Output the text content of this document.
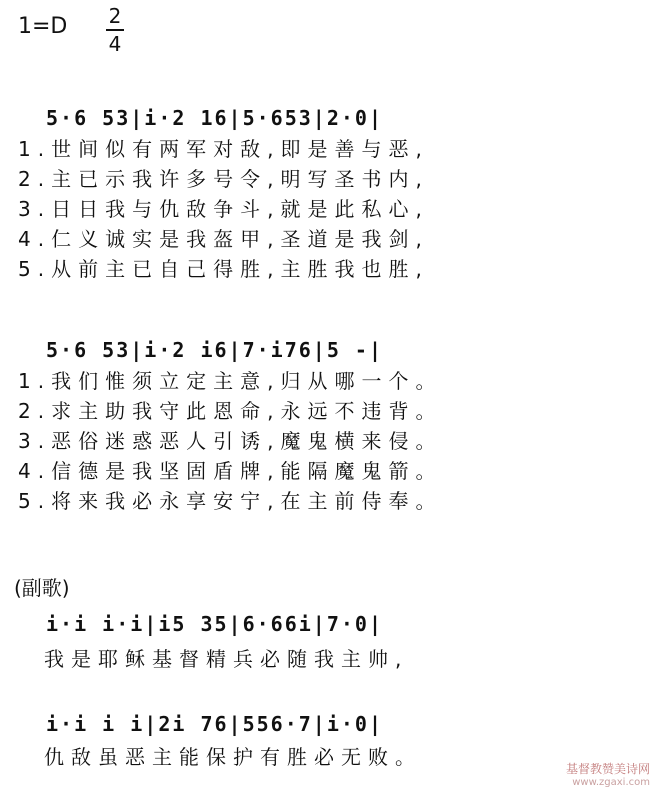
1=D 2
4
5·6 53|i·2 16|5·653|2·0|
1.世间似有两军对敌,即是善与恶,
2.主已示我许多号令,明写圣书内,
3.日日我与仇敌争斗,就是此私心,
4.仁义诚实是我盔甲,圣道是我剑,
5.从前主已自己得胜,主胜我也胜,
5·6 53|i·2 i6|7·i76|5 -|
1.我们惟须立定主意,归从哪一个。
2.求主助我守此恩命,永远不违背。
3.恶俗迷惑恶人引诱,魔鬼横来侵。
4.信德是我坚固盾牌,能隔魔鬼箭。
5.将来我必永享安宁,在主前侍奉。
(副歌)
i·i i·i|i5 35|6·66i|7·0|
我是耶稣基督精兵必随我主帅,
i·i i i|2i 76|556·7|i·0|
仇敌虽恶主能保护有胜必无败。	基督教赞美诗网
www.zgaxi.com
